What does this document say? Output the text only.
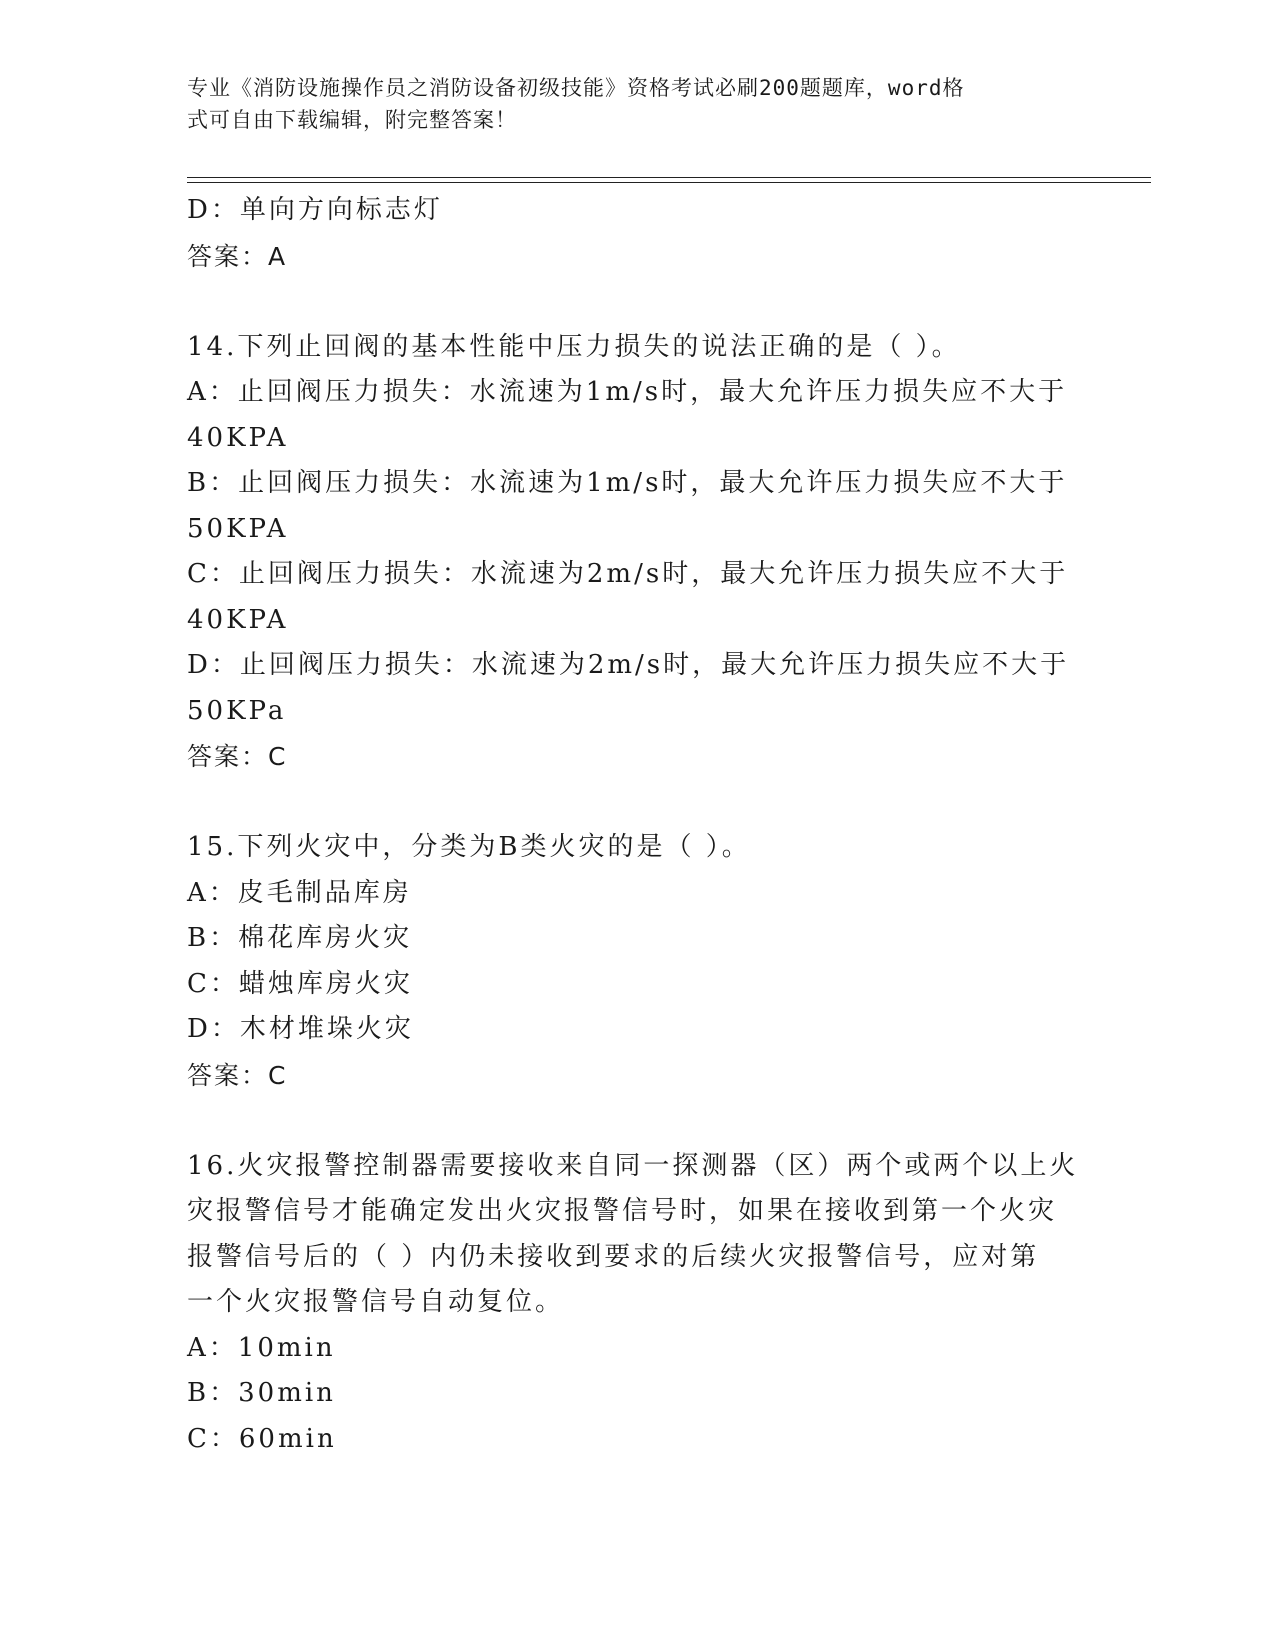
专业《消防设施操作员之消防设备初级技能》资格考试必刷200题题库，word格
式可自由下载编辑，附完整答案！
D：单向方向标志灯
答案：A
14.下列止回阀的基本性能中压力损失的说法正确的是（ ）。
A：止回阀压力损失：水流速为1m/s时，最大允许压力损失应不大于
40KPA
B：止回阀压力损失：水流速为1m/s时，最大允许压力损失应不大于
50KPA
C：止回阀压力损失：水流速为2m/s时，最大允许压力损失应不大于
40KPA
D：止回阀压力损失：水流速为2m/s时，最大允许压力损失应不大于
50KPa
答案：C
15.下列火灾中，分类为B类火灾的是（ ）。
A：皮毛制品库房
B：棉花库房火灾
C：蜡烛库房火灾
D：木材堆垛火灾
答案：C
16.火灾报警控制器需要接收来自同一探测器（区）两个或两个以上火
灾报警信号才能确定发出火灾报警信号时，如果在接收到第一个火灾
报警信号后的（ ）内仍未接收到要求的后续火灾报警信号，应对第
一个火灾报警信号自动复位。
A：10min
B：30min
C：60min
